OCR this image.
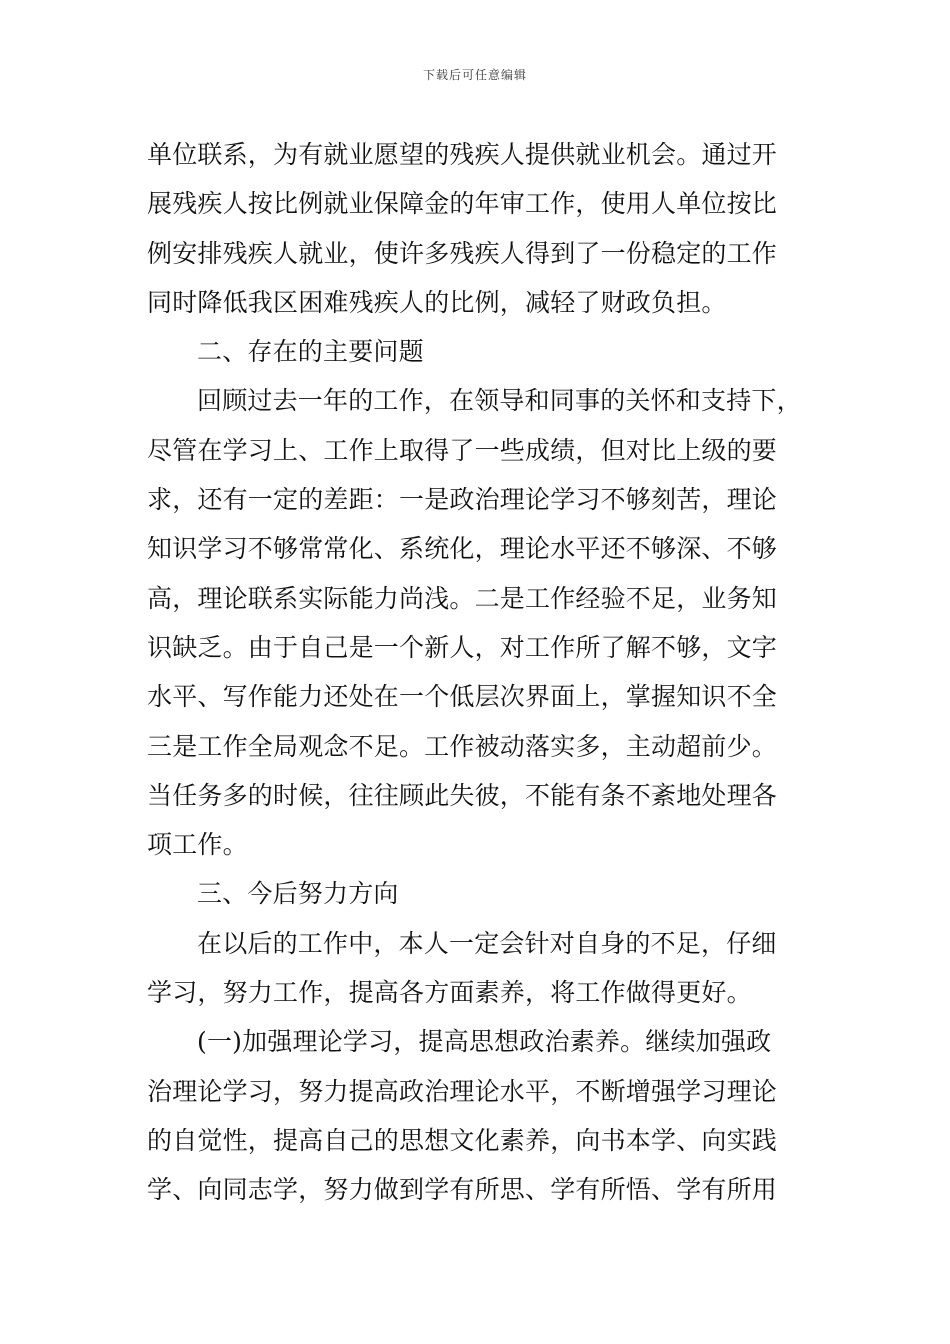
下载后可任意编辑
单位联系，为有就业愿望的残疾人提供就业机会。通过开
展残疾人按比例就业保障金的年审工作，使用人单位按比
例安排残疾人就业，使许多残疾人得到了一份稳定的工作
同时降低我区困难残疾人的比例，减轻了财政负担。
二、存在的主要问题
回顾过去一年的工作，在领导和同事的关怀和支持下，
尽管在学习上、工作上取得了一些成绩，但对比上级的要
求，还有一定的差距：一是政治理论学习不够刻苦，理论
知识学习不够常常化、系统化，理论水平还不够深、不够
高，理论联系实际能力尚浅。二是工作经验不足，业务知
识缺乏。由于自己是一个新人，对工作所了解不够，文字
水平、写作能力还处在一个低层次界面上，掌握知识不全
三是工作全局观念不足。工作被动落实多，主动超前少。
当任务多的时候，往往顾此失彼，不能有条不紊地处理各
项工作。
三、今后努力方向
在以后的工作中，本人一定会针对自身的不足，仔细
学习，努力工作，提高各方面素养，将工作做得更好。
(一)加强理论学习，提高思想政治素养。继续加强政
治理论学习，努力提高政治理论水平，不断增强学习理论
的自觉性，提高自己的思想文化素养，向书本学、向实践
学、向同志学，努力做到学有所思、学有所悟、学有所用
